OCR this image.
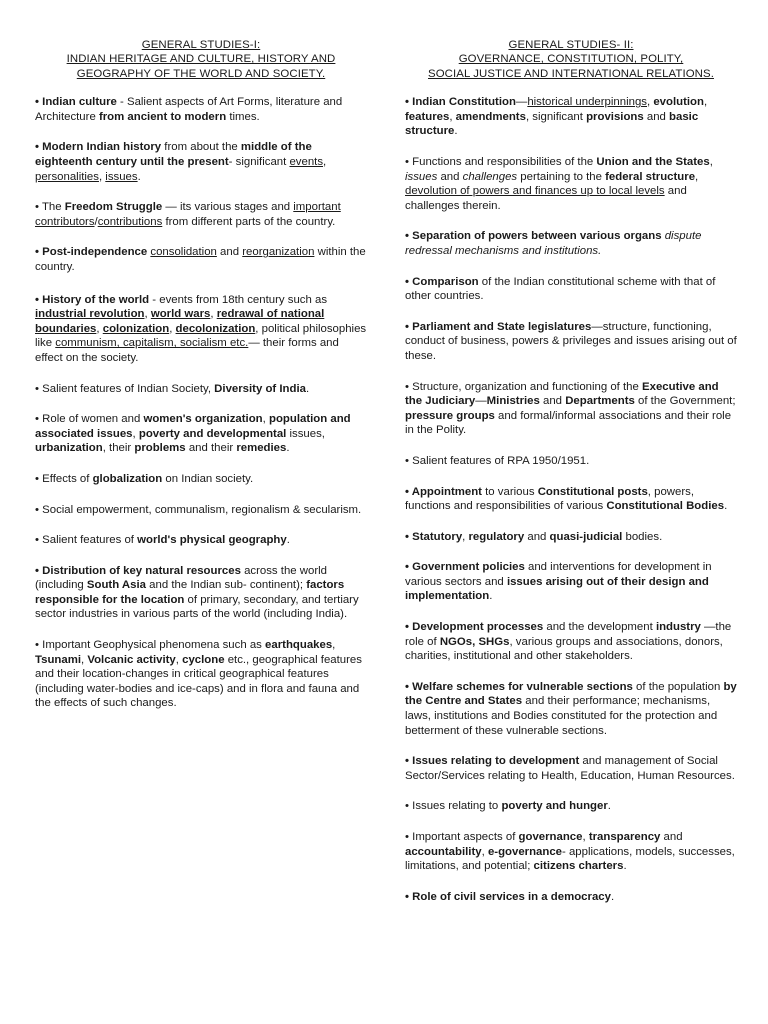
GENERAL STUDIES-I:
INDIAN HERITAGE AND CULTURE, HISTORY AND
GEOGRAPHY OF THE WORLD AND SOCIETY.

• Indian culture - Salient aspects of Art Forms, literature and Architecture from ancient to modern times.

• Modern Indian history from about the middle of the eighteenth century until the present- significant events, personalities, issues.

• The Freedom Struggle — its various stages and important contributors/contributions from different parts of the country.

• Post-independence consolidation and reorganization within the country.

• History of the world - events from 18th century such as industrial revolution, world wars, redrawal of national boundaries, colonization, decolonization, political philosophies like communism, capitalism, socialism etc.— their forms and effect on the society.

• Salient features of Indian Society, Diversity of India.

• Role of women and women's organization, population and associated issues, poverty and developmental issues, urbanization, their problems and their remedies.

• Effects of globalization on Indian society.

• Social empowerment, communalism, regionalism & secularism.

• Salient features of world's physical geography.

• Distribution of key natural resources across the world (including South Asia and the Indian sub- continent); factors responsible for the location of primary, secondary, and tertiary sector industries in various parts of the world (including India).

• Important Geophysical phenomena such as earthquakes, Tsunami, Volcanic activity, cyclone etc., geographical features and their location-changes in critical geographical features (including water-bodies and ice-caps) and in flora and fauna and the effects of such changes.

GENERAL STUDIES- II:
GOVERNANCE, CONSTITUTION, POLITY,
SOCIAL JUSTICE AND INTERNATIONAL RELATIONS.

• Indian Constitution—historical underpinnings, evolution, features, amendments, significant provisions and basic structure.

• Functions and responsibilities of the Union and the States, issues and challenges pertaining to the federal structure, devolution of powers and finances up to local levels and challenges therein.

• Separation of powers between various organs dispute redressal mechanisms and institutions.

• Comparison of the Indian constitutional scheme with that of other countries.

• Parliament and State legislatures—structure, functioning, conduct of business, powers & privileges and issues arising out of these.

• Structure, organization and functioning of the Executive and the Judiciary—Ministries and Departments of the Government; pressure groups and formal/informal associations and their role in the Polity.

• Salient features of RPA 1950/1951.

• Appointment to various Constitutional posts, powers, functions and responsibilities of various Constitutional Bodies.

• Statutory, regulatory and quasi-judicial bodies.

• Government policies and interventions for development in various sectors and issues arising out of their design and implementation.

• Development processes and the development industry —the role of NGOs, SHGs, various groups and associations, donors, charities, institutional and other stakeholders.

• Welfare schemes for vulnerable sections of the population by the Centre and States and their performance; mechanisms, laws, institutions and Bodies constituted for the protection and betterment of these vulnerable sections.

• Issues relating to development and management of Social Sector/Services relating to Health, Education, Human Resources.

• Issues relating to poverty and hunger.

• Important aspects of governance, transparency and accountability, e-governance- applications, models, successes, limitations, and potential; citizens charters.

• Role of civil services in a democracy.
